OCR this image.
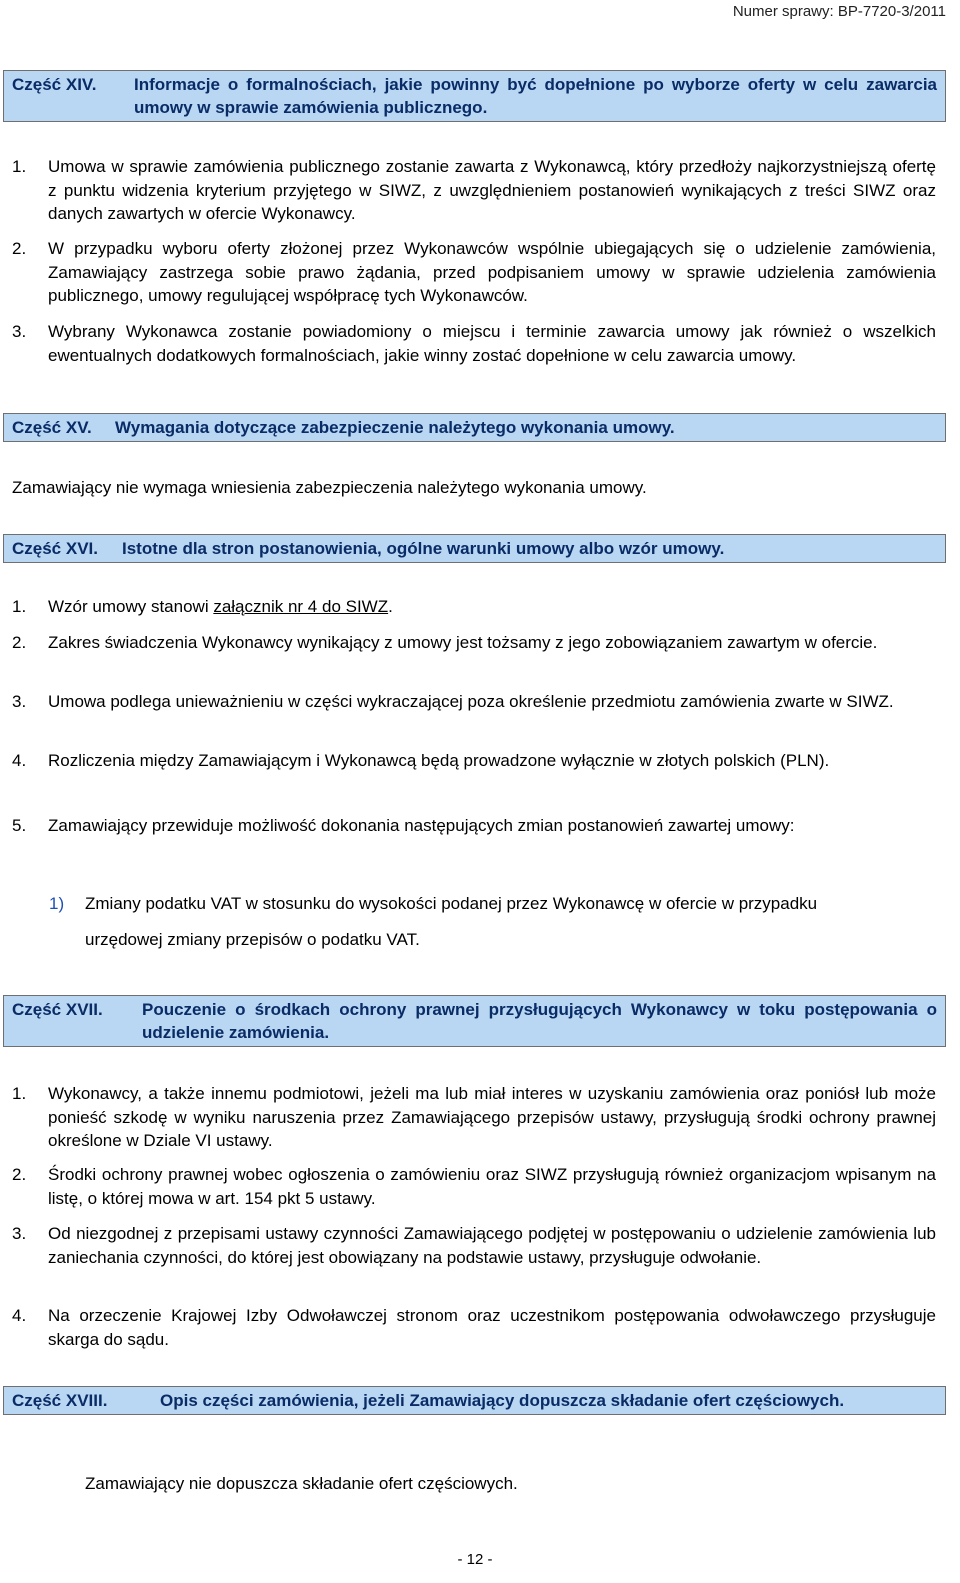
Numer sprawy: BP-7720-3/2011
Część XIV.	Informacje o formalnościach, jakie powinny być dopełnione po wyborze oferty w celu zawarcia umowy w sprawie zamówienia publicznego.
1.	Umowa w sprawie zamówienia publicznego zostanie zawarta z Wykonawcą, który przedłoży najkorzystniejszą ofertę z punktu widzenia kryterium przyjętego w SIWZ, z uwzględnieniem postanowień wynikających z treści SIWZ oraz danych zawartych w ofercie Wykonawcy.
2.	W przypadku wyboru oferty złożonej przez Wykonawców wspólnie ubiegających się o udzielenie zamówienia, Zamawiający zastrzega sobie prawo żądania, przed podpisaniem umowy w sprawie udzielenia zamówienia publicznego, umowy regulującej współpracę tych Wykonawców.
3.	Wybrany Wykonawca zostanie powiadomiony o miejscu i terminie zawarcia umowy jak również o wszelkich ewentualnych dodatkowych formalnościach, jakie winny zostać dopełnione w celu zawarcia umowy.
Część XV.	Wymagania dotyczące zabezpieczenie należytego wykonania umowy.
Zamawiający nie wymaga wniesienia zabezpieczenia należytego wykonania umowy.
Część XVI.	Istotne dla stron postanowienia, ogólne warunki umowy albo wzór umowy.
1.	Wzór umowy stanowi załącznik nr 4 do SIWZ.
2.	Zakres świadczenia Wykonawcy wynikający z umowy jest tożsamy z jego zobowiązaniem zawartym w ofercie.
3.	Umowa podlega unieważnieniu w części wykraczającej poza określenie przedmiotu zamówienia zwarte w SIWZ.
4.	Rozliczenia między Zamawiającym i Wykonawcą będą prowadzone wyłącznie w złotych polskich (PLN).
5.	Zamawiający przewiduje możliwość dokonania następujących zmian postanowień zawartej umowy:
1)	Zmiany podatku VAT w stosunku do wysokości podanej przez Wykonawcę w ofercie w przypadku urzędowej zmiany przepisów o podatku VAT.
Część XVII.	Pouczenie o środkach ochrony prawnej przysługujących Wykonawcy w toku postępowania o udzielenie zamówienia.
1.	Wykonawcy, a także innemu podmiotowi, jeżeli ma lub miał interes w uzyskaniu zamówienia oraz poniósł lub może ponieść szkodę w wyniku naruszenia przez Zamawiającego przepisów ustawy, przysługują środki ochrony prawnej określone w Dziale VI ustawy.
2.	Środki ochrony prawnej wobec ogłoszenia o zamówieniu oraz SIWZ przysługują również organizacjom wpisanym na listę, o której mowa w art. 154 pkt 5 ustawy.
3.	Od niezgodnej z przepisami ustawy czynności Zamawiającego podjętej w postępowaniu o udzielenie zamówienia lub zaniechania czynności, do której jest obowiązany na podstawie ustawy, przysługuje odwołanie.
4.	Na orzeczenie Krajowej Izby Odwoławczej stronom oraz uczestnikom postępowania odwoławczego przysługuje skarga do sądu.
Część XVIII.	Opis części zamówienia, jeżeli Zamawiający dopuszcza składanie ofert częściowych.
Zamawiający nie dopuszcza składanie ofert częściowych.
- 12 -
